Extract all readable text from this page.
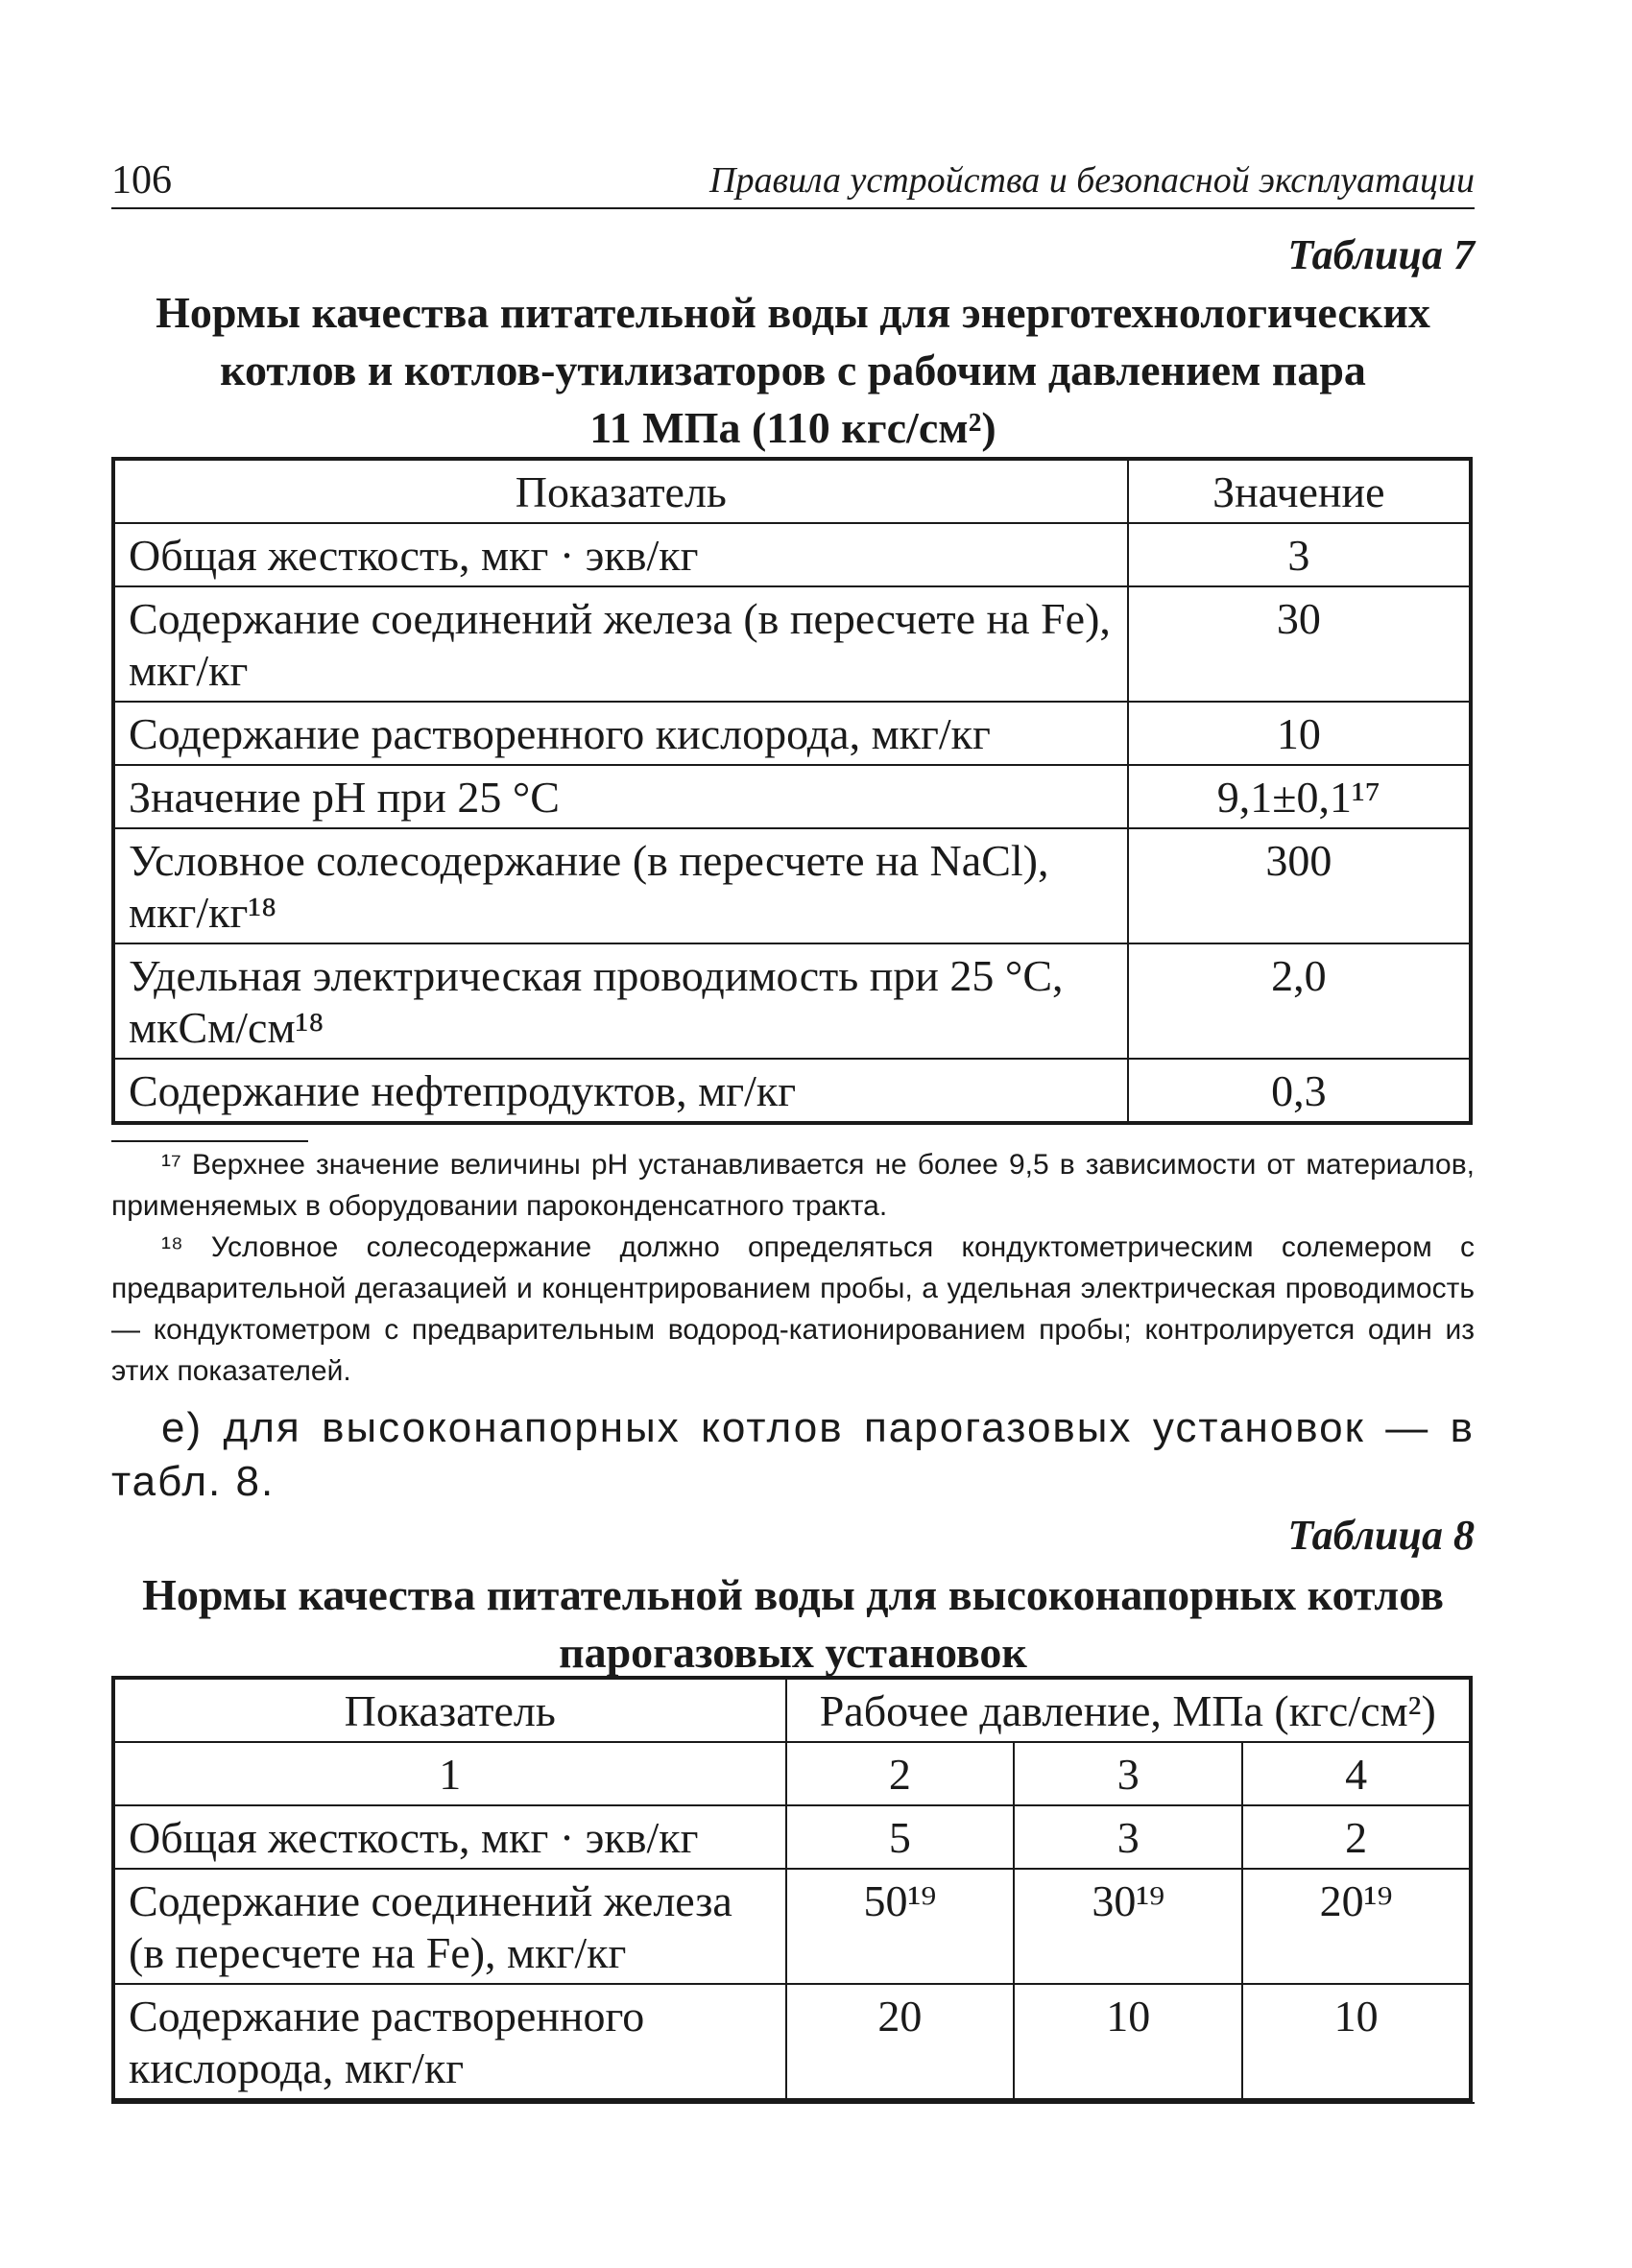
106	Правила устройства и безопасной эксплуатации
Таблица 7
Нормы качества питательной воды для энерготехнологических
котлов и котлов-утилизаторов с рабочим давлением пара
11 МПа (110 кгс/см²)
Показатель	Значение
Общая жесткость, мкг · экв/кг	3
Содержание соединений железа (в пересчете на Fe), мкг/кг	30
Содержание растворенного кислорода, мкг/кг	10
Значение pH при 25 °С	9,1±0,1¹⁷
Условное солесодержание (в пересчете на NaCl), мкг/кг¹⁸	300
Удельная электрическая проводимость при 25 °С, мкСм/см¹⁸	2,0
Содержание нефтепродуктов, мг/кг	0,3
¹⁷ Верхнее значение величины pH устанавливается не более 9,5 в зависимости от материалов, применяемых в оборудовании пароконденсатного тракта.
¹⁸ Условное солесодержание должно определяться кондуктометрическим солемером с предварительной дегазацией и концентрированием пробы, а удельная электрическая проводимость — кондуктометром с предварительным водород-катионированием пробы; контролируется один из этих показателей.
е) для высоконапорных котлов парогазовых установок — в табл. 8.
Таблица 8
Нормы качества питательной воды для высоконапорных котлов
парогазовых установок
Показатель	Рабочее давление, МПа (кгс/см²)		
1	2	3	4
Общая жесткость, мкг · экв/кг	5	3	2
Содержание соединений железа (в пересчете на Fe), мкг/кг	50¹⁹	30¹⁹	20¹⁹
Содержание растворенного кислорода, мкг/кг	20	10	10
